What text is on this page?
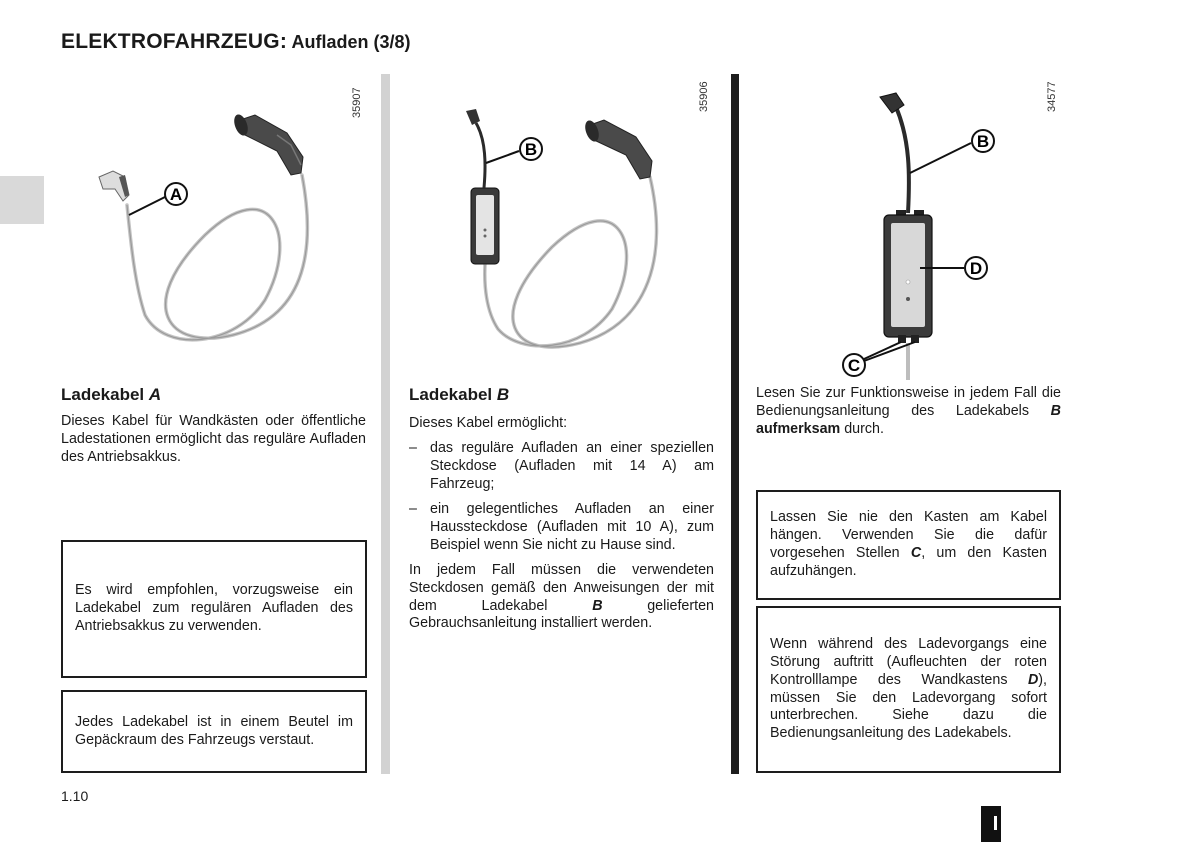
ELEKTROFAHRZEUG: Aufladen (3/8)
35907	35906	34577
A
B	B
D
C
Ladekabel A

Dieses Kabel für Wandkästen oder öffentliche Ladestationen ermöglicht das reguläre Aufladen des Antriebsakkus.

Es wird empfohlen, vorzugsweise ein Ladekabel zum regulären Aufladen des Antriebsakkus zu verwenden.

Jedes Ladekabel ist in einem Beutel im Gepäckraum des Fahrzeugs verstaut.

Ladekabel B

Dieses Kabel ermöglicht:

– das reguläre Aufladen an einer speziellen Steckdose (Aufladen mit 14 A) am Fahrzeug;
– ein gelegentliches Aufladen an einer Haussteckdose (Aufladen mit 10 A), zum Beispiel wenn Sie nicht zu Hause sind.

In jedem Fall müssen die verwendeten Steckdosen gemäß den Anweisungen der mit dem Ladekabel	B	gelieferten Gebrauchsanleitung installiert werden.

Lesen Sie zur Funktionsweise in jedem Fall die Bedienungsanleitung des Ladekabels B aufmerksam durch.

Lassen Sie nie den Kasten am Kabel hängen. Verwenden Sie die dafür vorgesehen Stellen C, um den Kasten aufzuhängen.

Wenn während des Ladevorgangs eine Störung auftritt (Aufleuchten der roten Kontrolllampe des Wandkastens D), müssen Sie den Ladevorgang sofort unterbrechen. Siehe dazu die Bedienungsanleitung des Ladekabels.

1.10
